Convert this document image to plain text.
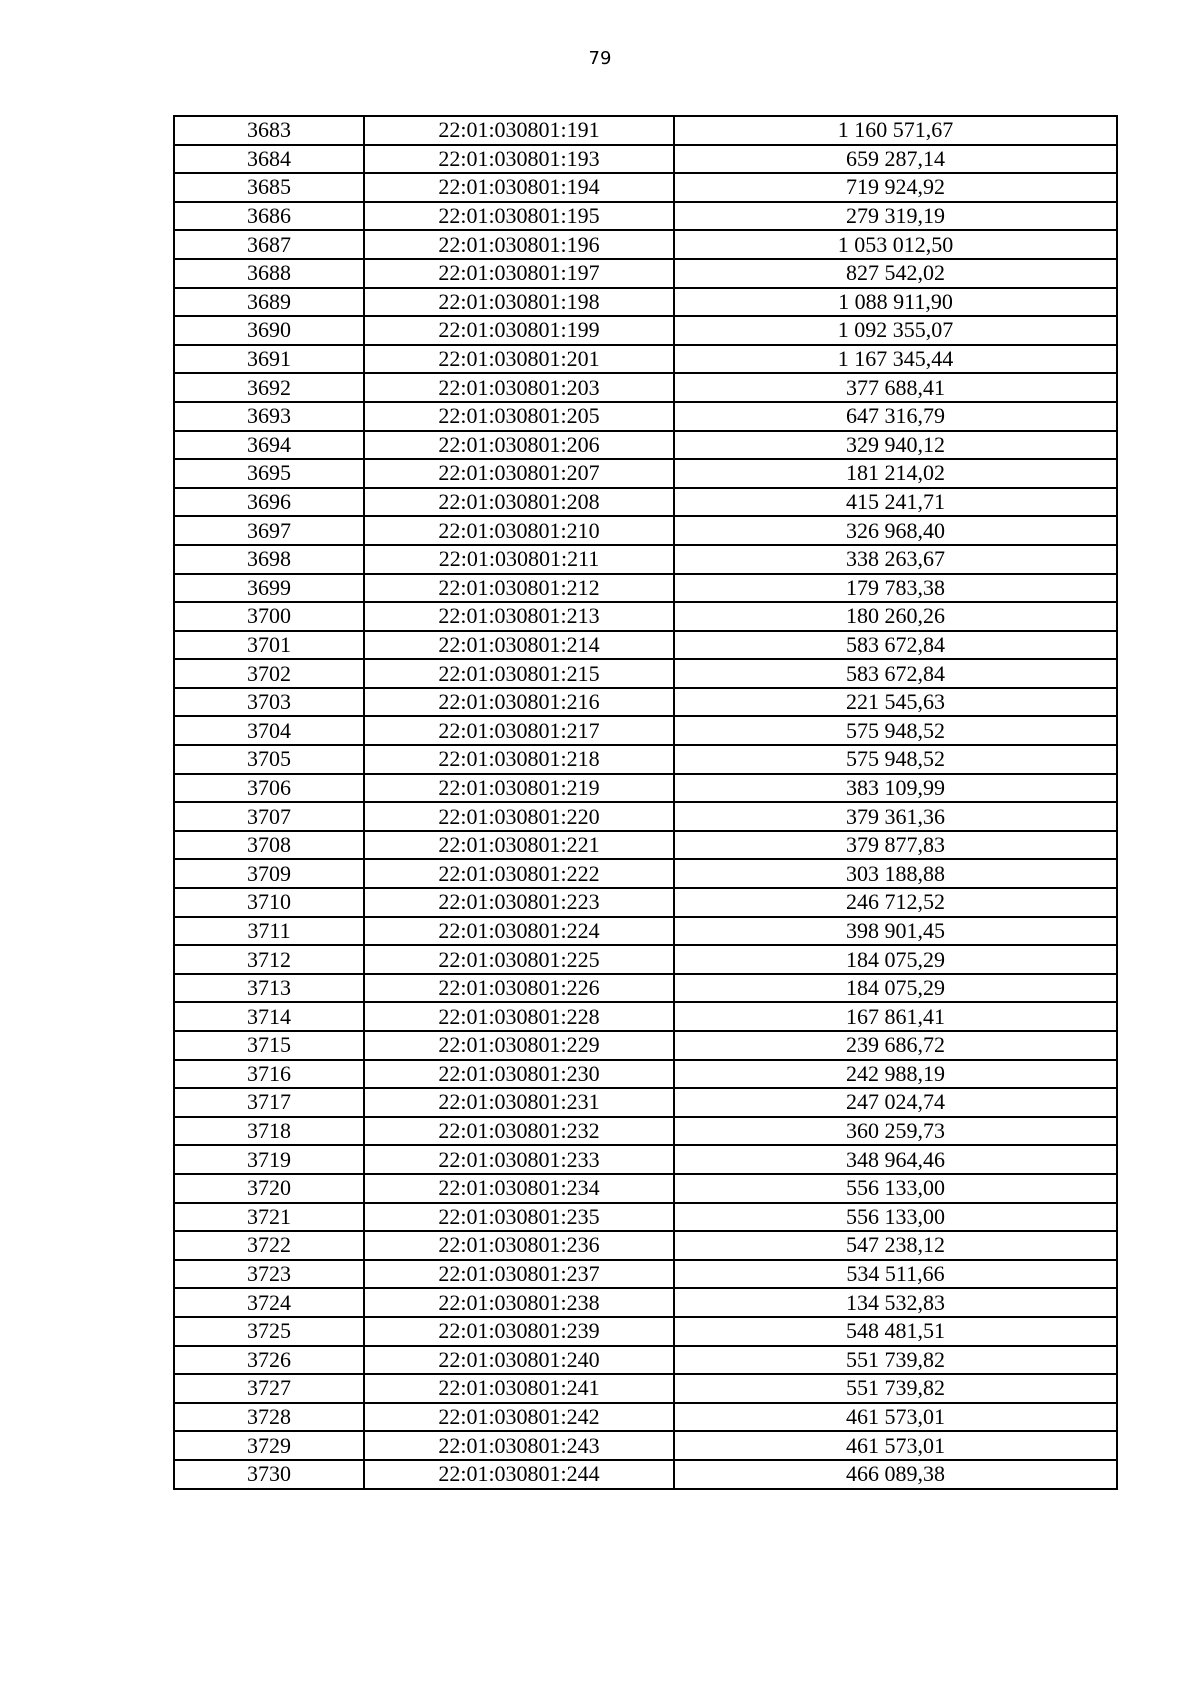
79
3683	22:01:030801:191	1 160 571,67
3684	22:01:030801:193	659 287,14
3685	22:01:030801:194	719 924,92
3686	22:01:030801:195	279 319,19
3687	22:01:030801:196	1 053 012,50
3688	22:01:030801:197	827 542,02
3689	22:01:030801:198	1 088 911,90
3690	22:01:030801:199	1 092 355,07
3691	22:01:030801:201	1 167 345,44
3692	22:01:030801:203	377 688,41
3693	22:01:030801:205	647 316,79
3694	22:01:030801:206	329 940,12
3695	22:01:030801:207	181 214,02
3696	22:01:030801:208	415 241,71
3697	22:01:030801:210	326 968,40
3698	22:01:030801:211	338 263,67
3699	22:01:030801:212	179 783,38
3700	22:01:030801:213	180 260,26
3701	22:01:030801:214	583 672,84
3702	22:01:030801:215	583 672,84
3703	22:01:030801:216	221 545,63
3704	22:01:030801:217	575 948,52
3705	22:01:030801:218	575 948,52
3706	22:01:030801:219	383 109,99
3707	22:01:030801:220	379 361,36
3708	22:01:030801:221	379 877,83
3709	22:01:030801:222	303 188,88
3710	22:01:030801:223	246 712,52
3711	22:01:030801:224	398 901,45
3712	22:01:030801:225	184 075,29
3713	22:01:030801:226	184 075,29
3714	22:01:030801:228	167 861,41
3715	22:01:030801:229	239 686,72
3716	22:01:030801:230	242 988,19
3717	22:01:030801:231	247 024,74
3718	22:01:030801:232	360 259,73
3719	22:01:030801:233	348 964,46
3720	22:01:030801:234	556 133,00
3721	22:01:030801:235	556 133,00
3722	22:01:030801:236	547 238,12
3723	22:01:030801:237	534 511,66
3724	22:01:030801:238	134 532,83
3725	22:01:030801:239	548 481,51
3726	22:01:030801:240	551 739,82
3727	22:01:030801:241	551 739,82
3728	22:01:030801:242	461 573,01
3729	22:01:030801:243	461 573,01
3730	22:01:030801:244	466 089,38
